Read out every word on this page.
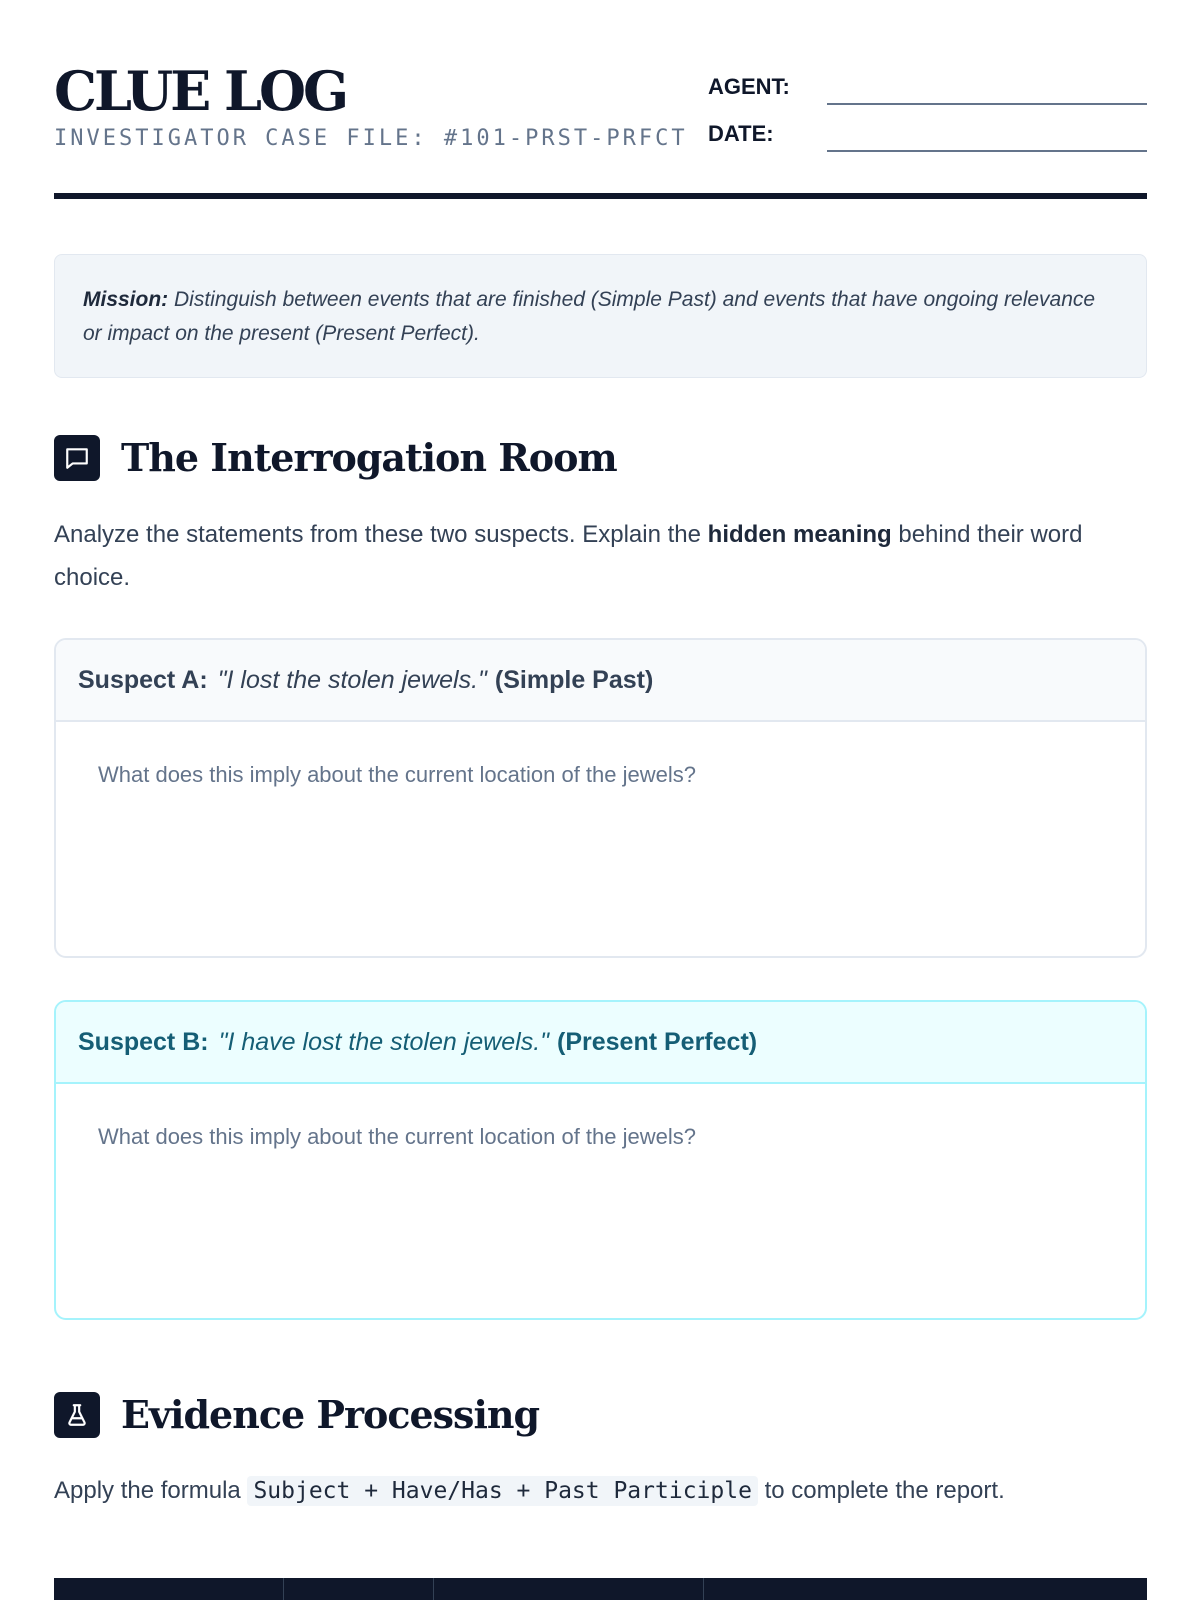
CLUE LOG
INVESTIGATOR CASE FILE: #101-PRST-PRFCT
AGENT:
DATE:
Mission: Distinguish between events that are finished (Simple Past) and events that have ongoing relevance or impact on the present (Present Perfect).
The Interrogation Room
Analyze the statements from these two suspects. Explain the hidden meaning behind their word choice.
Suspect A: "I lost the stolen jewels." (Simple Past)
What does this imply about the current location of the jewels?
Suspect B: "I have lost the stolen jewels." (Present Perfect)
What does this imply about the current location of the jewels?
Evidence Processing
Apply the formula Subject + Have/Has + Past Participle to complete the report.
